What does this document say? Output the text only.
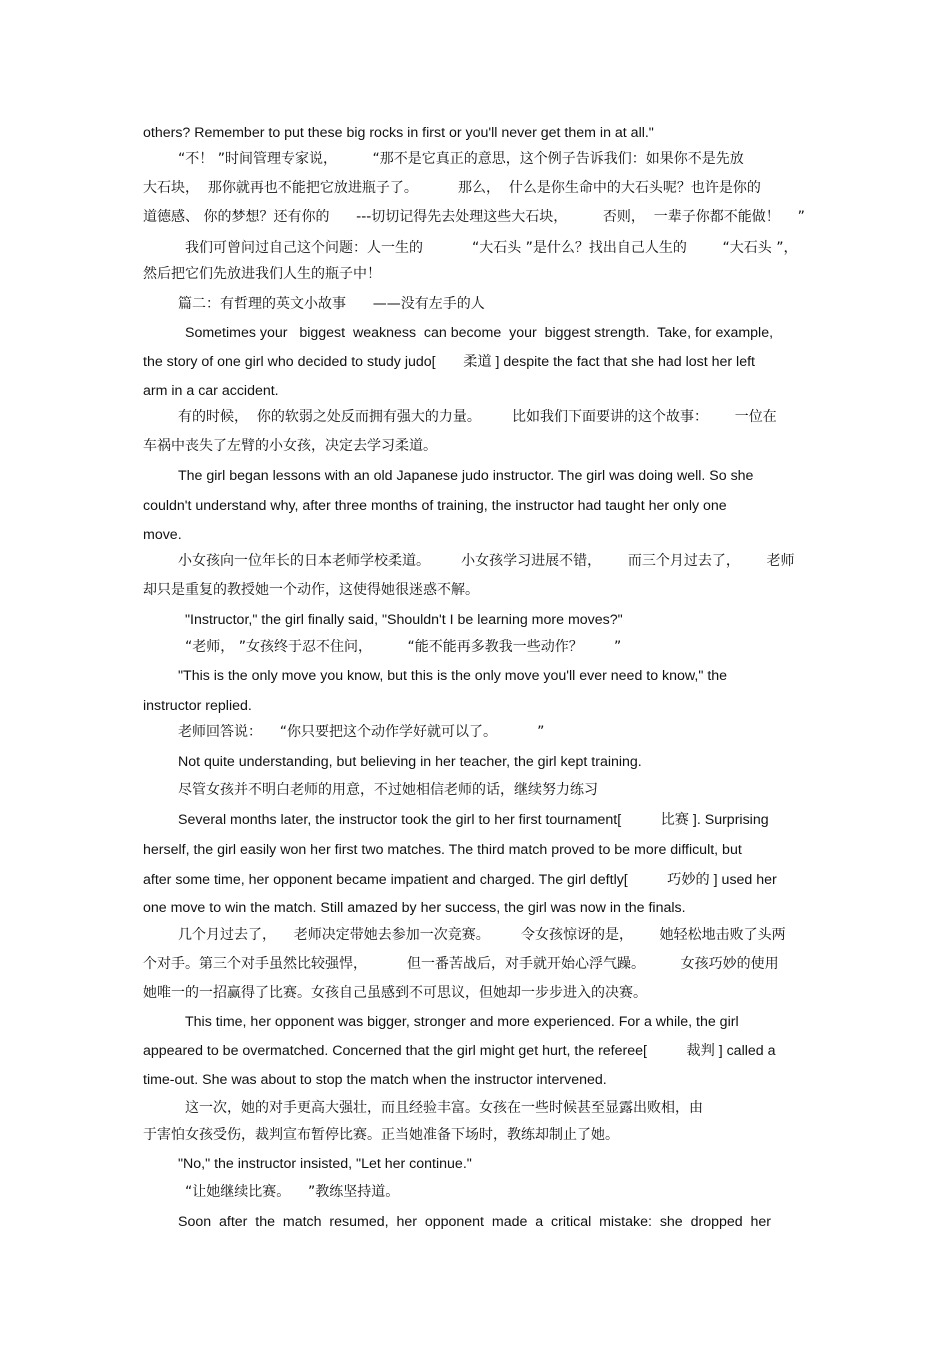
others? Remember to put these big rocks in first or you'll never get them in at all."
“不！ ”时间管理专家说，        “那不是它真正的意思，这个例子告诉我们：如果你不是先放
大石块，  那你就再也不能把它放进瓶子了。         那么，  什么是你生命中的大石头呢？也许是你的
道德感、 你的梦想？还有你的      ---切切记得先去处理这些大石块，        否则，  一辈子你都不能做！    ”
我们可曾问过自己这个问题：人一生的           “大石头 ”是什么？找出自己人生的        “大石头 ”，
然后把它们先放进我们人生的瓶子中！
篇二：有哲理的英文小故事      ——没有左手的人
Sometimes your   biggest  weakness  can become  your  biggest strength.  Take, for example,
the story of one girl who decided to study judo[       柔道 ] despite the fact that she had lost her left
arm in a car accident.
有的时候，  你的软弱之处反而拥有强大的力量。       比如我们下面要讲的这个故事：      一位在
车祸中丧失了左臂的小女孩，决定去学习柔道。
The girl began lessons with an old Japanese judo instructor. The girl was doing well. So she
couldn't understand why, after three months of training, the instructor had taught her only one
move.
小女孩向一位年长的日本老师学校柔道。       小女孩学习进展不错，      而三个月过去了，      老师
却只是重复的教授她一个动作，这使得她很迷惑不解。
"Instructor," the girl finally said, "Shouldn't I be learning more moves?"
“老师， ”女孩终于忍不住问，        “能不能再多教我一些动作？       ”
"This is the only move you know, but this is the only move you'll ever need to know," the
instructor replied.
老师回答说：    “你只要把这个动作学好就可以了。         ”
Not quite understanding, but believing in her teacher, the girl kept training.
尽管女孩并不明白老师的用意，不过她相信老师的话，继续努力练习
Several months later, the instructor took the girl to her first tournament[          比赛 ]. Surprising
herself, the girl easily won her first two matches. The third match proved to be more difficult, but
after some time, her opponent became impatient and charged. The girl deftly[          巧妙的 ] used her
one move to win the match. Still amazed by her success, the girl was now in the finals.
几个月过去了，    老师决定带她去参加一次竞赛。       令女孩惊讶的是，      她轻松地击败了头两
个对手。第三个对手虽然比较强悍，         但一番苦战后，对手就开始心浮气躁。        女孩巧妙的使用
她唯一的一招赢得了比赛。女孩自己虽感到不可思议，但她却一步步进入的决赛。
This time, her opponent was bigger, stronger and more experienced. For a while, the girl
appeared to be overmatched. Concerned that the girl might get hurt, the referee[          裁判 ] called a
time-out. She was about to stop the match when the instructor intervened.
这一次，她的对手更高大强壮，而且经验丰富。女孩在一些时候甚至显露出败相，由
于害怕女孩受伤，裁判宣布暂停比赛。正当她准备下场时，教练却制止了她。
"No," the instructor insisted, "Let her continue."
“让她继续比赛。    ”教练坚持道。
Soon  after  the  match  resumed,  her  opponent  made  a  critical  mistake:  she  dropped  her
